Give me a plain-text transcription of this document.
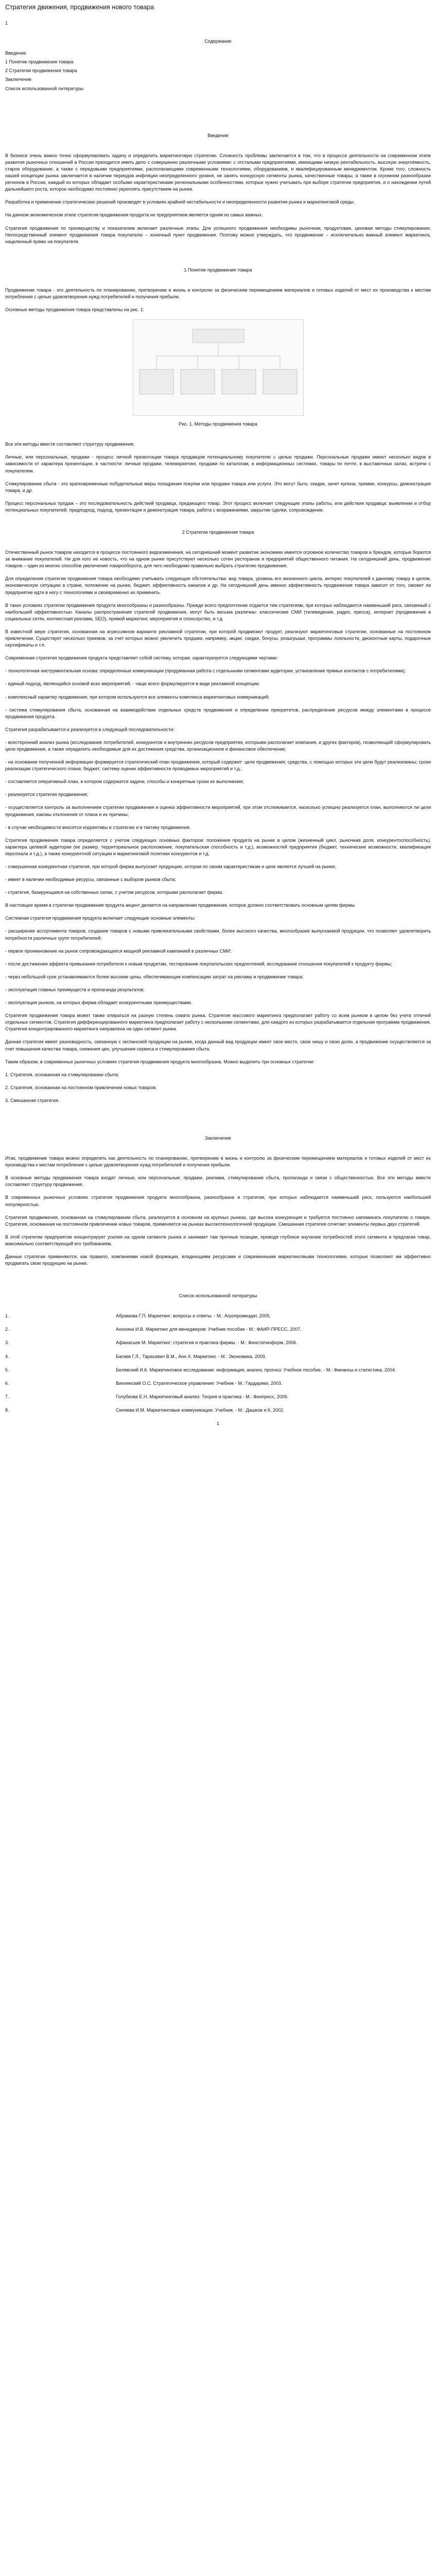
Стратегия движения, продвижения нового товара
1
Содержание
Введение
1 Понятие продвижения товара
2 Стратегии продвижения товара
Заключение
Список использованной литературы
Введение

В бизнесе очень важно точно сформулировать задачу и определить маркетинговую стратегию. Сложность проблемы заключается в том, что в процессе деятельности на современном этапе развития рыночных отношений в России преходится иметь дело с совершенно различными условиями: с отсталыми предприятиями, имеющими низкую рентабельность, высокую энергоёмкость, старое оборудование; а также с передовыми предприятиями, располагающими современными технологиями, оборудованием, и квалифицированным менеджментом. Кроме того, сложность нашей концепции рынка заключается в наличии периодов инфляции неопределенного уровня, не занять конкурсную сегменты рынка, качественные товары, а также в огромном разнообразии регионов в России, каждый из которых обладает особыми характеристиками региональными особенностями, которые нужно учитывать при выборе стратегии предприятия, и о нахождении путей дальнейшего роста, которое необходимо постоянно укреплять присутствием на рынке.

Разработка и применение стратегических решений производят в условиях крайней нестабильности и неопределенности развития рынка и маркетинговой среды.

На данном экономическом этапе стратегия продвижения продукта не предприятием является одним из самых важных.

Стратегия продвижения по преимуществу и показателем включает различные этапы. Для успешного продвижения необходимы рыночная, продуктовая, ценовая методы стимулирования. Непосредственный элемент продвижения товара покупателю – конечный пункт продвижения. Поэтому можно утверждать, что продвижение – исключительно важный элемент маркетинга, нацеленный прямо на покупателя.

1 Понятие продвижения товара

Продвижение товара - это деятельность по планированию, претворению в жизнь и контролю за физическим перемещением материалов и готовых изделий от мест их производства к местам потребления с целью удовлетворения нужд потребителей и получения прибыли.

Основные методы продвижения товара представлены на рис. 1:

Рис. 1. Методы продвижения товара

Все эти методы вместе составляют структуру продвижения.

Личные, или персональные, продажи - процесс личной презентации товара продавцом потенциальному покупателю с целью продажи. Персональные продажи имеют несколько видов в зависимости от характера презентации, в частности: личные продажи, телемаркетинг, продажи по каталогам, в информационных системах, товары по почте, в выставочных залах, встречи с покупателем.

Стимулирование сбыта - это кратковременные побудительные меры поощрения покупки или продажи товара или услуги. Это могут быть: скидки, зачет купона, премии, конкурсы, демонстрация товара, и др.

Процесс персональных продаж – это последовательность действий продавца, предающего товар. Этот процесс включает следующие этапы работы, или действия продавца: выявление и отбор потенциальных покупателей, предподход, подход, презентация и демонстрация товара, работа с возражениями, закрытие сделки, сопровождение.

2 Стратегии продвижения товара

Отечественный рынок товаров находится в процессе постоянного видоизменения, на сегодняшний момент развитие экономики имеется огромное количество товаров и брендов, которые борются за внимание покупателей. Ни для кого не новость, что на одном рынке присутствуют несколько сотен ресторанов и предприятий общественного питания. На сегодняшний день, продвижение товаров – один из многих способов увеличения товарооборота, для чего необходимо правильно выбрать стратегию продвижения.

Для определения стратегии продвижения товара необходимо учитывать следующие обстоятельства: вид товара, уровень его жизненного цикла, интерес покупателей к данному товару в целом, экономическую ситуацию в стране, положение на рынке, бюджет, эффективность каналов и др. На сегодняшний день именно эффективность продвижения товара зависит от того, сможет ли предприятие идти в ногу с технологиями и своевременно их применить.

В таких условиях стратегии продвижения продукта многообразны и разнообразны. Прежде всего предпочтение отдается тем стратегиям, при которых наблюдается наименьший риск, связанный с наибольшей эффективностью. Каналы распространения стратегий продвижения, могут быть весьма различны: классические СМИ (телевидение, радио, пресса), интернет (продвижение в социальных сетях, контекстная реклама, SEO), прямой маркетинг, мероприятия и спонсорство, и т.д.

В известной мере стратегия, основанная на агрессивном варианте рекламной стратегии, при которой продвигают продукт, реализуют маркетинговые стратегии, основанные на постоянном привлечении. Существует несколько приемов, за счет которых можно увеличить продажи, например, акции, скидки, бонусы, розыгрыши, программы лояльности, дисконтные карты, подарочные сертификаты и т.п.

Современная стратегия продвижения продукта представляет собой систему, которая, характеризуется следующими чертами:

- технологичная инструментальная основа; определенные коммуникации (продуманная работа с отдельными сегментами аудитории, установление прямых контактов с потребителями);

- единый подход, являющийся основой всех мероприятий, - чаще всего формулируется в виде рекламной концепции;

- комплексный характер продвижения, при котором используются все элементы комплекса маркетинговых коммуникаций;

- система стимулирования сбыта, основанная на взаимодействии отдельных средств продвижения и определении приоритетов, распределение ресурсов между элементами в процессе продвижения продукта.

Стратегия разрабатывается и реализуется в следующей последовательности:

- всесторонний анализ рынка (исследование потребителей, конкурентов и внутренних ресурсов предприятия, которыми располагает компания, и других факторов), позволяющий сформулировать цели продвижения, а также определить необходимые для их достижения средства, организационное и финансовое обеспечение;

- на основании полученной информации формируется стратегический план продвижения, который содержит: цели продвижения; средства, с помощью которых эти цели будут реализованы; сроки реализации стратегического плана; бюджет; систему оценки эффективности проводимых мероприятий и т.д.;

- составляется оперативный план, в котором содержатся задачи, способы и конкретные сроки их выполнения;

- реализуется стратегия продвижения;

- осуществляется контроль за выполнением стратегии продвижения и оценка эффективности мероприятий, при этом отслеживается, насколько успешно реализуется план, выполняются ли цели продвижения, каковы отклонения от плана и их причины;

- в случае необходимости вносятся коррективы в стратегию и в тактику продвижения.

Стратегия продвижения товара определяется с учетом следующих основных факторов: положения продукта на рынке в целом (жизненный цикл, рыночная доля, конкурентоспособность), характера целевой аудитории (ее размер, территориальное расположение, покупательская способность и т.д.), возможностей предприятия (бюджет, технические возможности, квалификация персонала и т.д.), а также конкурентной ситуации и маркетинговой политики конкурентов и т.д.

- совершенная конкурентная стратегия, при которой фирма выпускает продукцию, которая по своим характеристикам и цене является лучшей на рынке;

- имеет в наличии необходимые ресурсы, связанные с выбором рынков сбыта;

- стратегия, базирующаяся на собственных силах, с учетом ресурсов, которыми располагает фирма.

В настоящее время в стратегии продвижения продукта акцент делается на направлении продвижения, которое должно соответствовать основным целям фирмы.

Системная стратегия продвижения продукта включает следующие основные элементы:

- расширение ассортимента товаров, создание товаров с новыми привлекательными свойствами, более высокого качества, многообразие выпускаемой продукции, что позволяет удовлетворить потребности различных групп потребителей;

- первое проникновение на рынок сопровождающееся мощной рекламной кампанией в различных СМИ;

- после достижения эффекта привыкания потребителя к новым продуктам, тестирование покупательских предпочтений, исследование отношения покупателей к продукту фирмы;

- через небольшой срок устанавливаются более высокие цены, обеспечивающие компенсацию затрат на рекламу и продвижение товара;

- эксплуатация главных преимуществ и пропаганда результатов;

- эксплуатация рынков, на которых фирма обладает конкурентными преимуществами.

Стратегия продвижения товара может также опираться на разную степень охвата рынка. Стратегия массового маркетинга предполагает работу со всем рынком в целом без учета отличий отдельных сегментов. Стратегия дифференцированного маркетинга предполагает работу с несколькими сегментами, для каждого из которых разрабатывается отдельная программа продвижения. Стратегия концентрированного маркетинга направлена на один сегмент рынка.

Данная стратегия имеет разновидность, связанную с экспансией продукции на рынке, когда данный вид продукции имеет свое место, свою нишу и свою долю, а продвижение осуществляется за счет повышения качества товара, снижения цен, улучшения сервиса и стимулирования сбыта.

Таким образом, в современных рыночных условиях стратегия продвижения продукта многообразна. Можно выделить три основных стратегии:

1. Стратегия, основанная на стимулировании сбыта;

2. Стратегия, основанная на постоянном привлечении новых товаров;

3. Смешанная стратегия.

Заключение

Итак, продвижение товара можно определить как деятельность по планированию, претворению в жизнь и контролю за физическим перемещением материалов и готовых изделий от мест их производства к местам потребления с целью удовлетворения нужд потребителей и получения прибыли.

В основные методы продвижения товара входят личные, или персональные, продажи, реклама, стимулирование сбыта, пропаганда и связи с общественностью. Все эти методы вместе составляют структуру продвижения.

В современных рыночных условиях стратегия продвижения продукта многообразна, разнообразна и стратегии, при которых наблюдается наименьший риск, пользуются наибольшей популярностью.

Стратегия продвижения, основанная на стимулировании сбыта, реализуется в основном на крупных рынках, где высока конкуренция и требуется постоянно напоминать покупателю о товаре. Стратегия, основанная на постоянном привлечении новых товаров, применяется на рынках высокотехнологичной продукции. Смешанная стратегия сочетает элементы первых двух стратегий.

В этой стратегии предприятие концентрирует усилия на одном сегменте рынка и занимает там прочные позиции, проводя глубокое изучение потребностей этого сегмента и предлагая товар, максимально соответствующий его требованиям.

Данные стратегии применяются, как правило, компаниями новой формации, владеющими ресурсами и современными маркетинговыми технологиями, которые позволяют им эффективно продвигать свою продукцию на рынке.

Список использованной литературы
1.	Абрамова Г.П. Маркетинг: вопросы и ответы. - М.: Агропромиздат, 2005.
2.	Анохина И.В. Маркетинг для менеджеров: Учебник пособие - М.: ФАИР-ПРЕСС, 2007.
3.	Афанасьев М. Маркетинг: стратегия и практика фирмы. - М.: Финстатинформ, 2006.
4.	Багиев Г.Л., Тарасевич В.М., Анн Х. Маркетинг. - М.: Экономика, 2009.
5.	Белявский И.К. Маркетинговое исследование: информация, анализ, прогноз: Учебное пособие. - М.: Финансы и статистика, 2004.
6.	Вихнянский О.С. Стратегическое управление: Учебник - М.: Гардарики, 2003.
7.	Голубкова Е.Н. Маркетинговый анализ: Теория и практика - М.: Финпресс, 2006.
8.	Синяева И.М. Маркетинговые коммуникации: Учебник. - М.: Дашков и К, 2002.
1
